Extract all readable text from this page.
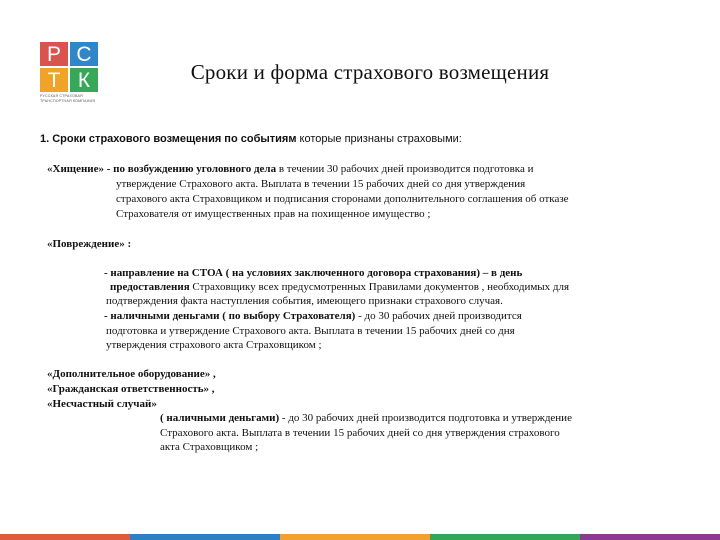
Р С
Т К
РУССКАЯ СТРАХОВАЯ ТРАНСПОРТНАЯ КОМПАНИЯ
Сроки и форма страхового возмещения
1. Сроки страхового возмещения по событиям которые признаны страховыми:
«Хищение» - по возбуждению уголовного дела в течении 30 рабочих дней производится подготовка и
утверждение Страхового акта. Выплата в течении 15 рабочих дней со дня утверждения
страхового акта Страховщиком и подписания сторонами дополнительного соглашения об отказе
Страхователя от имущественных прав на похищенное имущество ;
«Повреждение» :
- направление на СТОА ( на условиях заключенного договора страхования) – в день
предоставления Страховщику всех предусмотренных Правилами документов , необходимых для
подтверждения факта наступления события, имеющего признаки страхового случая.
- наличными деньгами ( по выбору Страхователя) - до 30 рабочих дней производится
подготовка и утверждение Страхового акта. Выплата в течении 15 рабочих дней со дня
утверждения страхового акта Страховщиком ;
«Дополнительное оборудование» ,
«Гражданская ответственность» ,
«Несчастный случай»
( наличными деньгами) - до 30 рабочих дней производится подготовка и утверждение
Страхового акта. Выплата в течении 15 рабочих дней со дня утверждения страхового
акта Страховщиком ;
